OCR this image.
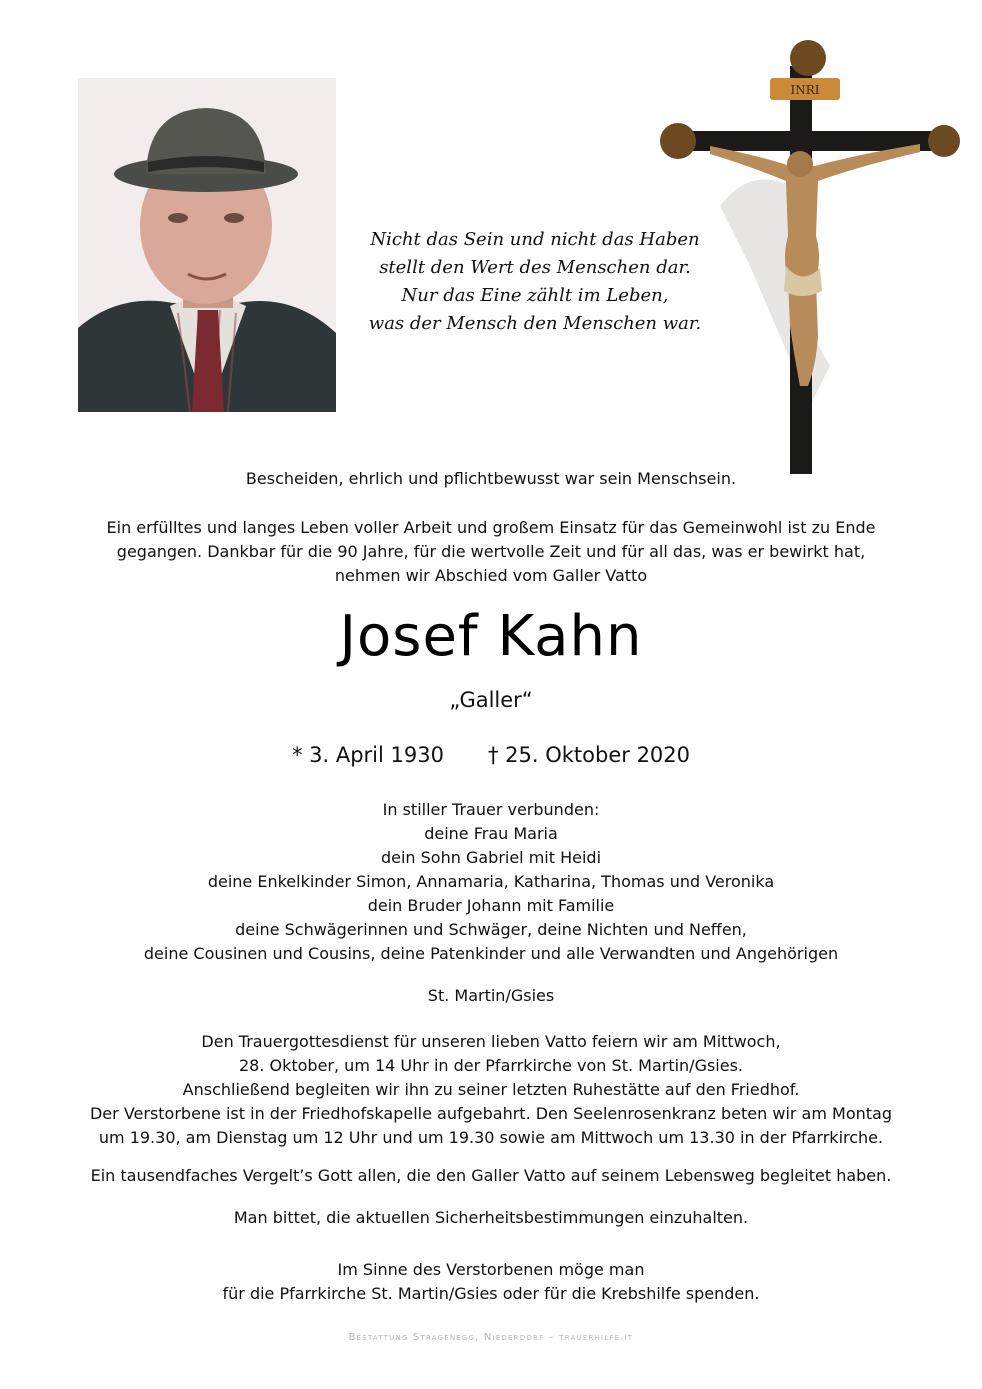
INRI
Nicht das Sein und nicht das Haben
stellt den Wert des Menschen dar.
Nur das Eine zählt im Leben,
was der Mensch den Menschen war.
Bescheiden, ehrlich und pflichtbewusst war sein Menschsein.
Ein erfülltes und langes Leben voller Arbeit und großem Einsatz für das Gemeinwohl ist zu Ende
gegangen. Dankbar für die 90 Jahre, für die wertvolle Zeit und für all das, was er bewirkt hat,
nehmen wir Abschied vom Galler Vatto
Josef Kahn
„Galler“
* 3. April 1930 † 25. Oktober 2020
In stiller Trauer verbunden:
deine Frau Maria
dein Sohn Gabriel mit Heidi
deine Enkelkinder Simon, Annamaria, Katharina, Thomas und Veronika
dein Bruder Johann mit Familie
deine Schwägerinnen und Schwäger, deine Nichten und Neffen,
deine Cousinen und Cousins, deine Patenkinder und alle Verwandten und Angehörigen
St. Martin/Gsies
Den Trauergottesdienst für unseren lieben Vatto feiern wir am Mittwoch,
28. Oktober, um 14 Uhr in der Pfarrkirche von St. Martin/Gsies.
Anschließend begleiten wir ihn zu seiner letzten Ruhestätte auf den Friedhof.
Der Verstorbene ist in der Friedhofskapelle aufgebahrt. Den Seelenrosenkranz beten wir am Montag
um 19.30, am Dienstag um 12 Uhr und um 19.30 sowie am Mittwoch um 13.30 in der Pfarrkirche.
Ein tausendfaches Vergelt’s Gott allen, die den Galler Vatto auf seinem Lebensweg begleitet haben.
Man bittet, die aktuellen Sicherheitsbestimmungen einzuhalten.
Im Sinne des Verstorbenen möge man
für die Pfarrkirche St. Martin/Gsies oder für die Krebshilfe spenden.
Bestattung Stragenegg, Niederdorf – trauerhilfe.it
